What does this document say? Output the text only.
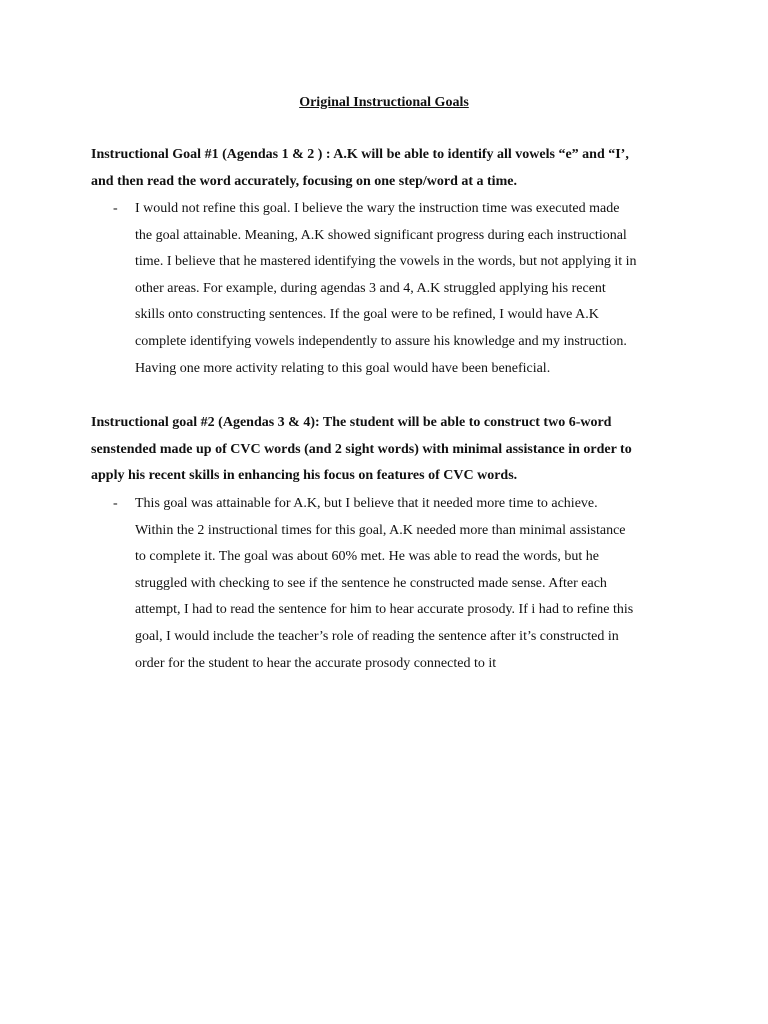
Original Instructional Goals
Instructional Goal #1 (Agendas 1 & 2 ) : A.K will be able to identify all vowels “e” and “I’,
and then read the word accurately, focusing on one step/word at a time.
- I would not refine this goal. I believe the wary the instruction time was executed made
the goal attainable. Meaning, A.K showed significant progress during each instructional
time. I believe that he mastered identifying the vowels in the words, but not applying it in
other areas. For example, during agendas 3 and 4, A.K struggled applying his recent
skills onto constructing sentences. If the goal were to be refined, I would have A.K
complete identifying vowels independently to assure his knowledge and my instruction.
Having one more activity relating to this goal would have been beneficial.
Instructional goal #2 (Agendas 3 & 4): The student will be able to construct two 6-word
senstended made up of CVC words (and 2 sight words) with minimal assistance in order to
apply his recent skills in enhancing his focus on features of CVC words.
- This goal was attainable for A.K, but I believe that it needed more time to achieve.
Within the 2 instructional times for this goal, A.K needed more than minimal assistance
to complete it. The goal was about 60% met. He was able to read the words, but he
struggled with checking to see if the sentence he constructed made sense. After each
attempt, I had to read the sentence for him to hear accurate prosody. If i had to refine this
goal, I would include the teacher’s role of reading the sentence after it’s constructed in
order for the student to hear the accurate prosody connected to it
